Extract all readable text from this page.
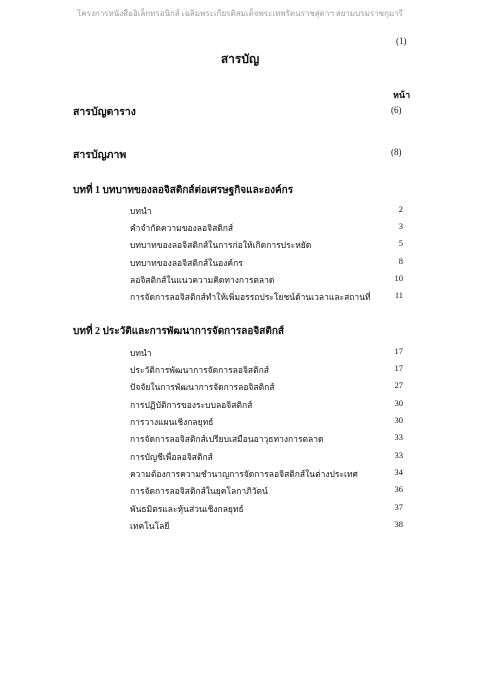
โครงการหนังสืออิเล็กทรอนิกส์ เฉลิมพระเกียรติสมเด็จพระเทพรัตนราชสุดาฯ สยามบรมราชกุมารี
(1)
สารบัญ
หน้า
สารบัญตาราง	(6)
สารบัญภาพ	(8)
บทที่ 1 บทบาทของลอจิสติกส์ต่อเศรษฐกิจและองค์กร
บทนำ	2
คำจำกัดความของลอจิสติกส์	3
บทบาทของลอจิสติกส์ในการก่อให้เกิดการประหยัด	5
บทบาทของลอจิสติกส์ในองค์กร	8
ลอจิสติกส์ในแนวความคิดทางการตลาด	10
การจัดการลอจิสติกส์ทำให้เพิ่มอรรถประโยชน์ด้านเวลาและสถานที่	11
บทที่ 2 ประวัติและการพัฒนาการจัดการลอจิสติกส์
บทนำ	17
ประวัติการพัฒนาการจัดการลอจิสติกส์	17
ปัจจัยในการพัฒนาการจัดการลอจิสติกส์	27
การปฏิบัติการของระบบลอจิสติกส์	30
การวางแผนเชิงกลยุทธ์	30
การจัดการลอจิสติกส์เปรียบเสมือนอาวุธทางการตลาด	33
การบัญชีเพื่อลอจิสติกส์	33
ความต้องการความชำนาญการจัดการลอจิสติกส์ในต่างประเทศ	34
การจัดการลอจิสติกส์ในยุคโลกาภิวัตน์	36
พันธมิตรและหุ้นส่วนเชิงกลยุทธ์	37
เทคโนโลยี	38
